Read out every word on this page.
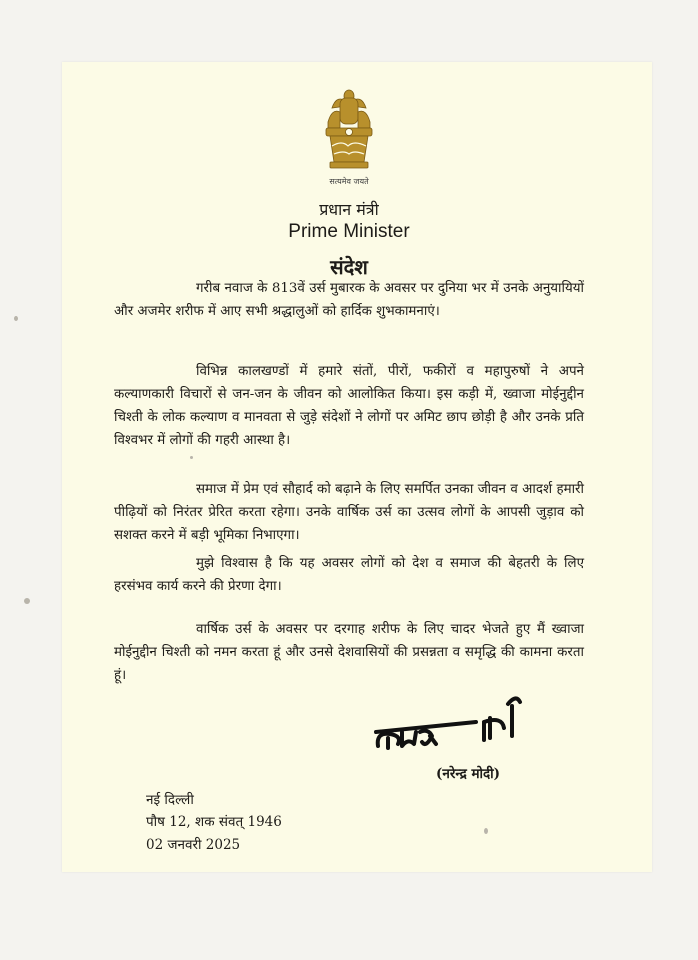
सत्यमेव जयते
प्रधान मंत्री
Prime Minister
संदेश

गरीब नवाज के 813वें उर्स मुबारक के अवसर पर दुनिया भर में उनके अनुयायियों और अजमेर शरीफ में आए सभी श्रद्धालुओं को हार्दिक शुभकामनाएं।

विभिन्न कालखण्डों में हमारे संतों, पीरों, फकीरों व महापुरुषों ने अपने कल्याणकारी विचारों से जन-जन के जीवन को आलोकित किया। इस कड़ी में, ख्वाजा मोईनुद्दीन चिश्ती के लोक कल्याण व मानवता से जुड़े संदेशों ने लोगों पर अमिट छाप छोड़ी है और उनके प्रति विश्वभर में लोगों की गहरी आस्था है।

समाज में प्रेम एवं सौहार्द को बढ़ाने के लिए समर्पित उनका जीवन व आदर्श हमारी पीढ़ियों को निरंतर प्रेरित करता रहेगा। उनके वार्षिक उर्स का उत्सव लोगों के आपसी जुड़ाव को सशक्त करने में बड़ी भूमिका निभाएगा।

मुझे विश्वास है कि यह अवसर लोगों को देश व समाज की बेहतरी के लिए हरसंभव कार्य करने की प्रेरणा देगा।

वार्षिक उर्स के अवसर पर दरगाह शरीफ के लिए चादर भेजते हुए मैं ख्वाजा मोईनुद्दीन चिश्ती को नमन करता हूं और उनसे देशवासियों की प्रसन्नता व समृद्धि की कामना करता हूं।

(नरेन्द्र मोदी)
नई दिल्ली
पौष 12, शक संवत् 1946
02 जनवरी 2025
